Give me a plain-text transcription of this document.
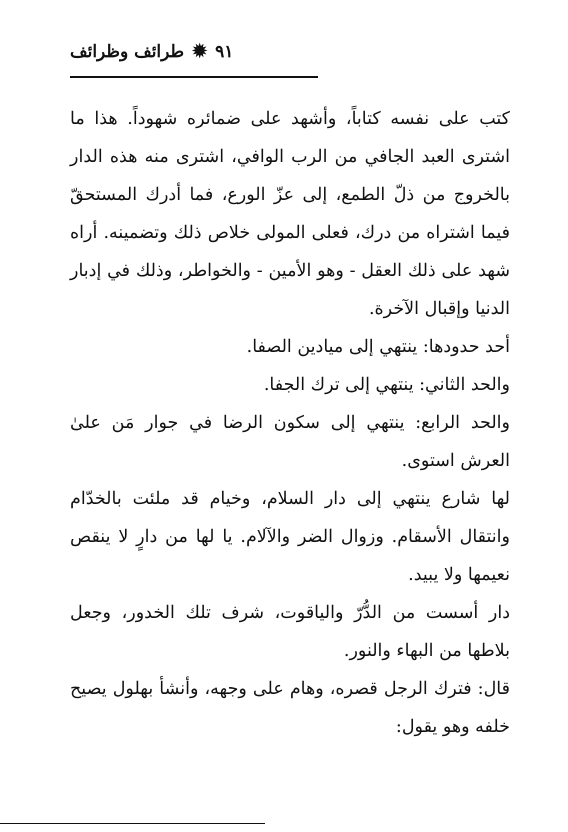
طرائف وظرائف ✹ ٩١

كتب على نفسه كتاباً، وأشهد على ضمائره شهوداً. هذا ما اشترى العبد الجافي من الرب الوافي، اشترى منه هذه الدار بالخروج من ذلّ الطمع، إلى عزّ الورع، فما أدرك المستحقّ فيما اشتراه من درك، فعلى المولى خلاص ذلك وتضمينه. أراه شهد على ذلك العقل - وهو الأمين - والخواطر، وذلك في إدبار الدنيا وإقبال الآخرة.

أحد حدودها: ينتهي إلى ميادين الصفا.

والحد الثاني: ينتهي إلى ترك الجفا.

والحد الرابع: ينتهي إلى سكون الرضا في جوار مَن علىٰ العرش استوى.

لها شارع ينتهي إلى دار السلام، وخيام قد ملئت بالخدّام وانتقال الأسقام. وزوال الضر والآلام. يا لها من دارٍ لا ينقص نعيمها ولا يبيد.

دار أسست من الدُّرّ والياقوت، شرف تلك الخدور، وجعل بلاطها من البهاء والنور.

قال: فترك الرجل قصره، وهام على وجهه، وأنشأ بهلول يصيح خلفه وهو يقول:
